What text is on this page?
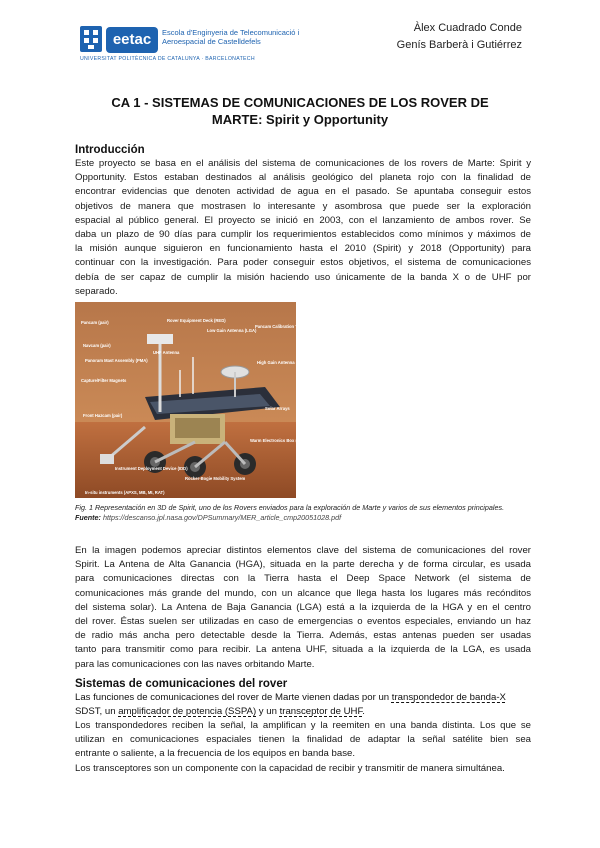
eetac	Escola d'Enginyeria de Telecomunicació i
Aeroespacial de Castelldefels
UNIVERSITAT POLITÈCNICA DE CATALUNYA · BARCELONATECH
Àlex Cuadrado Conde
Genís Barberà i Gutiérrez
CA 1 - SISTEMAS DE COMUNICACIONES DE LOS ROVER DE
MARTE: Spirit y Opportunity
Introducción
Este proyecto se basa en el análisis del sistema de comunicaciones de los rovers de Marte: Spirit y
Opportunity. Estos estaban destinados al análisis geológico del planeta rojo con la finalidad de
encontrar evidencias que denoten actividad de agua en el pasado. Se apuntaba conseguir estos
objetivos de manera que mostrasen lo interesante y asombrosa que puede ser la exploración
espacial al público general. El proyecto se inició en 2003, con el lanzamiento de ambos rover. Se
daba un plazo de 90 días para cumplir los requerimientos establecidos como mínimos y máximos de
la misión aunque siguieron en funcionamiento hasta el 2010 (Spirit) y 2018 (Opportunity) para
continuar con la investigación. Para poder conseguir estos objetivos, el sistema de comunicaciones
debía de ser capaz de cumplir la misión haciendo uso únicamente de la banda X o de UHF por
separado.
Pancam (pair)	Rover Equipment Deck (RED)
Low Gain Antenna (LGA)
Pancam Calibration Target
Navcam (pair)
UHF Antenna
Panoram Mast Assembly (PMA)	High Gain Antenna (HGA)
Capture/Filter Magnets
Solar Arrays
Front Hazcam (pair)
Instrument Deployment Device (IDD)
Warm Electronics Box (WEB)
Rocker-Bogie Mobility System
In-situ instruments (APXS, MB, MI, RAT)
Fig. 1 Representación en 3D de Spirit, uno de los Rovers enviados para la exploración de Marte y varios de sus elementos principales.
Fuente: https://descanso.jpl.nasa.gov/DPSummary/MER_article_cmp20051028.pdf
En la imagen podemos apreciar distintos elementos clave del sistema de comunicaciones del rover
Spirit. La Antena de Alta Ganancia (HGA), situada en la parte derecha y de forma circular, es usada
para comunicaciones directas con la Tierra hasta el Deep Space Network (el sistema de
comunicaciones más grande del mundo, con un alcance que llega hasta los lugares más recónditos
del sistema solar). La Antena de Baja Ganancia (LGA) está a la izquierda de la HGA y en el centro
del rover. Éstas suelen ser utilizadas en caso de emergencias o eventos especiales, enviando un haz
de radio más ancha pero detectable desde la Tierra. Además, estas antenas pueden ser usadas
tanto para transmitir como para recibir. La antena UHF, situada a la izquierda de la LGA, es usada
para las comunicaciones con las naves orbitando Marte.
Sistemas de comunicaciones del rover
Las funciones de comunicaciones del rover de Marte vienen dadas por un transpondedor de banda-X
SDST, un amplificador de potencia (SSPA) y un transceptor de UHF.
Los transpondedores reciben la señal, la amplifican y la reemiten en una banda distinta. Los que se
utilizan en comunicaciones espaciales tienen la finalidad de adaptar la señal satélite bien sea
entrante o saliente, a la frecuencia de los equipos en banda base.
Los transceptores son un componente con la capacidad de recibir y transmitir de manera simultánea.
